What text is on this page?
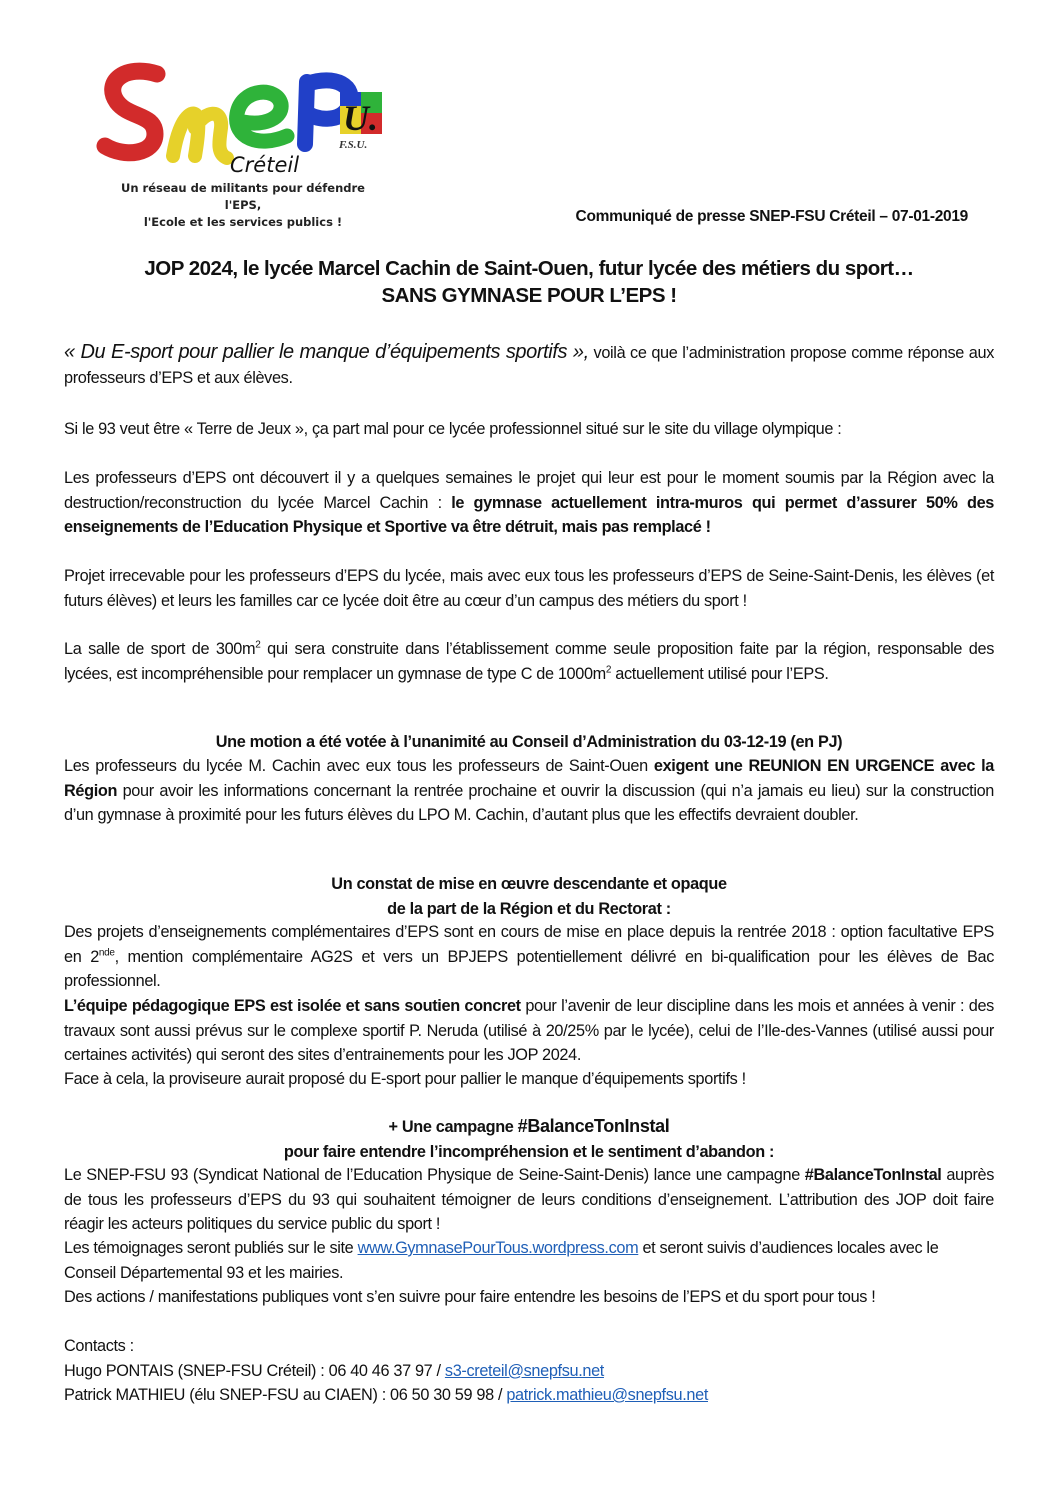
U.
F.S.U.
Créteil
Un réseau de militants pour défendre l'EPS,
l'Ecole et les services publics !	Communiqué de presse SNEP-FSU Créteil – 07-01-2019
JOP 2024, le lycée Marcel Cachin de Saint-Ouen, futur lycée des métiers du sport…
SANS GYMNASE POUR L’EPS !
« Du E-sport pour pallier le manque d’équipements sportifs », voilà ce que l’administration propose comme réponse aux professeurs d’EPS et aux élèves.
Si le 93 veut être « Terre de Jeux », ça part mal pour ce lycée professionnel situé sur le site du village olympique :
Les professeurs d’EPS ont découvert il y a quelques semaines le projet qui leur est pour le moment soumis par la Région avec la destruction/reconstruction du lycée Marcel Cachin : le gymnase actuellement intra-muros qui permet d’assurer 50% des enseignements de l’Education Physique et Sportive va être détruit, mais pas remplacé !
Projet irrecevable pour les professeurs d’EPS du lycée, mais avec eux tous les professeurs d’EPS de Seine-Saint-Denis, les élèves (et futurs élèves) et leurs les familles car ce lycée doit être au cœur d’un campus des métiers du sport !
La salle de sport de $300m^2$ qui sera construite dans l’établissement comme seule proposition faite par la région, responsable des lycées, est incompréhensible pour remplacer un gymnase de type C de $1000m^2$ actuellement utilisé pour l’EPS.
Une motion a été votée à l’unanimité au Conseil d’Administration du 03-12-19 (en PJ)
Les professeurs du lycée M. Cachin avec eux tous les professeurs de Saint-Ouen exigent une REUNION EN URGENCE avec la Région pour avoir les informations concernant la rentrée prochaine et ouvrir la discussion (qui n’a jamais eu lieu) sur la construction d’un gymnase à proximité pour les futurs élèves du LPO M. Cachin, d’autant plus que les effectifs devraient doubler.
Un constat de mise en œuvre descendante et opaque
de la part de la Région et du Rectorat :
Des projets d’enseignements complémentaires d’EPS sont en cours de mise en place depuis la rentrée 2018 : option facultative EPS en 2nde, mention complémentaire AG2S et vers un BPJEPS potentiellement délivré en bi-qualification pour les élèves de Bac professionnel.
L’équipe pédagogique EPS est isolée et sans soutien concret pour l’avenir de leur discipline dans les mois et années à venir : des travaux sont aussi prévus sur le complexe sportif P. Neruda (utilisé à 20/25% par le lycée), celui de l’Ile-des-Vannes (utilisé aussi pour certaines activités) qui seront des sites d’entrainements pour les JOP 2024.
Face à cela, la proviseure aurait proposé du E-sport pour pallier le manque d’équipements sportifs !
+ Une campagne #BalanceTonInstal
pour faire entendre l’incompréhension et le sentiment d’abandon :
Le SNEP-FSU 93 (Syndicat National de l’Education Physique de Seine-Saint-Denis) lance une campagne #BalanceTonInstal auprès de tous les professeurs d’EPS du 93 qui souhaitent témoigner de leurs conditions d’enseignement. L’attribution des JOP doit faire réagir les acteurs politiques du service public du sport !
Les témoignages seront publiés sur le site www.GymnasePourTous.wordpress.com et seront suivis d’audiences locales avec le Conseil Départemental 93 et les mairies.
Des actions / manifestations publiques vont s’en suivre pour faire entendre les besoins de l’EPS et du sport pour tous !
Contacts :
Hugo PONTAIS (SNEP-FSU Créteil) : 06 40 46 37 97 / s3-creteil@snepfsu.net
Patrick MATHIEU (élu SNEP-FSU au CIAEN) : 06 50 30 59 98 / patrick.mathieu@snepfsu.net
